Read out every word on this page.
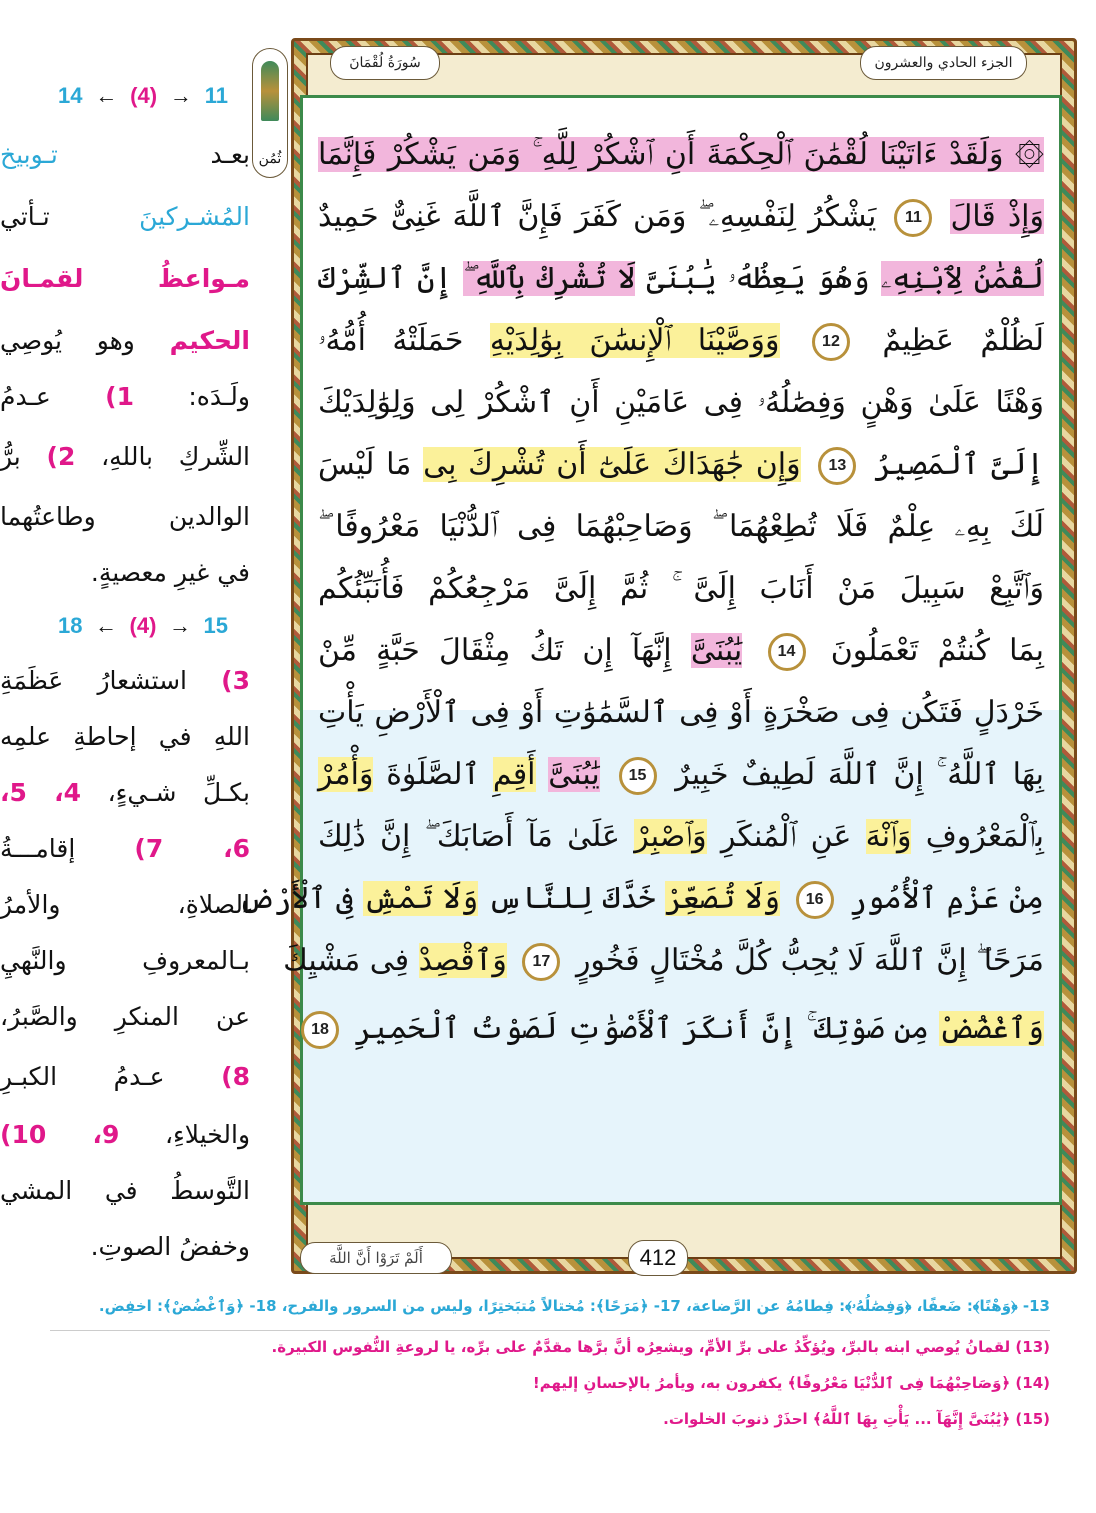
سُورَةُ لُقْمَانَ	الجزء الحادي والعشرون
ثُمُن ۞ وَلَقَدْ ءَاتَيْنَا لُقْمَٰنَ ٱلْحِكْمَةَ أَنِ ٱشْكُرْ لِلَّهِ ۚ وَمَن يَشْكُرْ فَإِنَّمَا
وَإِذْ قَالَ 11 يَشْكُرُ لِنَفْسِهِۦ ۖ وَمَن كَفَرَ فَإِنَّ ٱللَّهَ غَنِىٌّ حَمِيدٌ
لُقْمَٰنُ لِٱبْنِهِۦ وَهُوَ يَعِظُهُۥ يَٰبُنَىَّ لَا تُشْرِكْ بِٱللَّهِ ۖ إِنَّ ٱلشِّرْكَ
لَظُلْمٌ عَظِيمٌ 12 وَوَصَّيْنَا ٱلْإِنسَٰنَ بِوَٰلِدَيْهِ حَمَلَتْهُ أُمُّهُۥ
وَهْنًا عَلَىٰ وَهْنٍ وَفِصَٰلُهُۥ فِى عَامَيْنِ أَنِ ٱشْكُرْ لِى وَلِوَٰلِدَيْكَ
إِلَىَّ ٱلْمَصِيرُ 13 وَإِن جَٰهَدَاكَ عَلَىٰٓ أَن تُشْرِكَ بِى مَا لَيْسَ
لَكَ بِهِۦ عِلْمٌ فَلَا تُطِعْهُمَا ۖ وَصَاحِبْهُمَا فِى ٱلدُّنْيَا مَعْرُوفًا ۖ
وَٱتَّبِعْ سَبِيلَ مَنْ أَنَابَ إِلَىَّ ۚ ثُمَّ إِلَىَّ مَرْجِعُكُمْ فَأُنَبِّئُكُم
بِمَا كُنتُمْ تَعْمَلُونَ 14 يَٰبُنَىَّ إِنَّهَآ إِن تَكُ مِثْقَالَ حَبَّةٍ مِّنْ
خَرْدَلٍ فَتَكُن فِى صَخْرَةٍ أَوْ فِى ٱلسَّمَٰوَٰتِ أَوْ فِى ٱلْأَرْضِ يَأْتِ
بِهَا ٱللَّهُ ۚ إِنَّ ٱللَّهَ لَطِيفٌ خَبِيرٌ 15 يَٰبُنَىَّ أَقِمِ ٱلصَّلَوٰةَ وَأْمُرْ
بِٱلْمَعْرُوفِ وَٱنْهَ عَنِ ٱلْمُنكَرِ وَٱصْبِرْ عَلَىٰ مَآ أَصَابَكَ ۖ إِنَّ ذَٰلِكَ
مِنْ عَزْمِ ٱلْأُمُورِ 16 وَلَا تُصَعِّرْ خَدَّكَ لِلنَّاسِ وَلَا تَمْشِ فِى ٱلْأَرْضِ
مَرَحًا ۖ إِنَّ ٱللَّهَ لَا يُحِبُّ كُلَّ مُخْتَالٍ فَخُورٍ 17 وَٱقْصِدْ فِى مَشْيِكَ
وَٱغْضُضْ مِن صَوْتِكَ ۚ إِنَّ أَنكَرَ ٱلْأَصْوَٰتِ لَصَوْتُ ٱلْحَمِيرِ 18
أَلَمْ تَرَوْا أَنَّ اللَّهَ	412
14 ← (4) → 11
بعـد تـوبيخ
المُشـركينَ تـأتي
مـواعظُ لقمـانَ
الحكيم وهو يُوصِي
ولَـدَه: 1) عـدمُ
الشِّركِ باللهِ، 2) برُّ
الوالدين وطاعتُهما
في غيرِ معصيةٍ.
18 ← (4) → 15
3) استشعارُ عَظَمَةِ
اللهِ في إحاطةِ علمِه
بكـلِّ شـيءٍ، 4، 5،
6، 7) إقامـــةُ
الصلاةِ، والأمرُ
بـالمعروفِ والنَّهيِ
عن المنكرِ والصَّبرُ،
8) عـدمُ الكبـرِ
والخيلاءِ، 9، 10)
التَّوسطُ في المشي
وخفضُ الصوتِ.
13- ﴿وَهْنًا﴾: ضَعفًا، ﴿وَفِصَٰلُهُۥ﴾: فِطامُهُ عن الرَّضاعة، 17- ﴿مَرَحًا﴾: مُختالاً مُتبَختِرًا، وليس من السرور والفرح، 18- ﴿وَٱغْضُضْ﴾: اخفِض.
(13) لقمانُ يُوصي ابنه بالبرِّ، ويُؤكِّدُ على برِّ الأمِّ، ويشعِرُه أنَّ برَّها مقدَّمٌ على برِّه، يا لروعةِ النُّفوس الكبيرة.
(14) ﴿وَصَاحِبْهُمَا فِى ٱلدُّنْيَا مَعْرُوفًا﴾ يكفرون به، ويأمرُ بالإحسانِ إليهم!
(15) ﴿يَٰبُنَىَّ إِنَّهَآ ... يَأْتِ بِهَا ٱللَّهُ﴾ احذَرْ ذنوبَ الخلوات.
